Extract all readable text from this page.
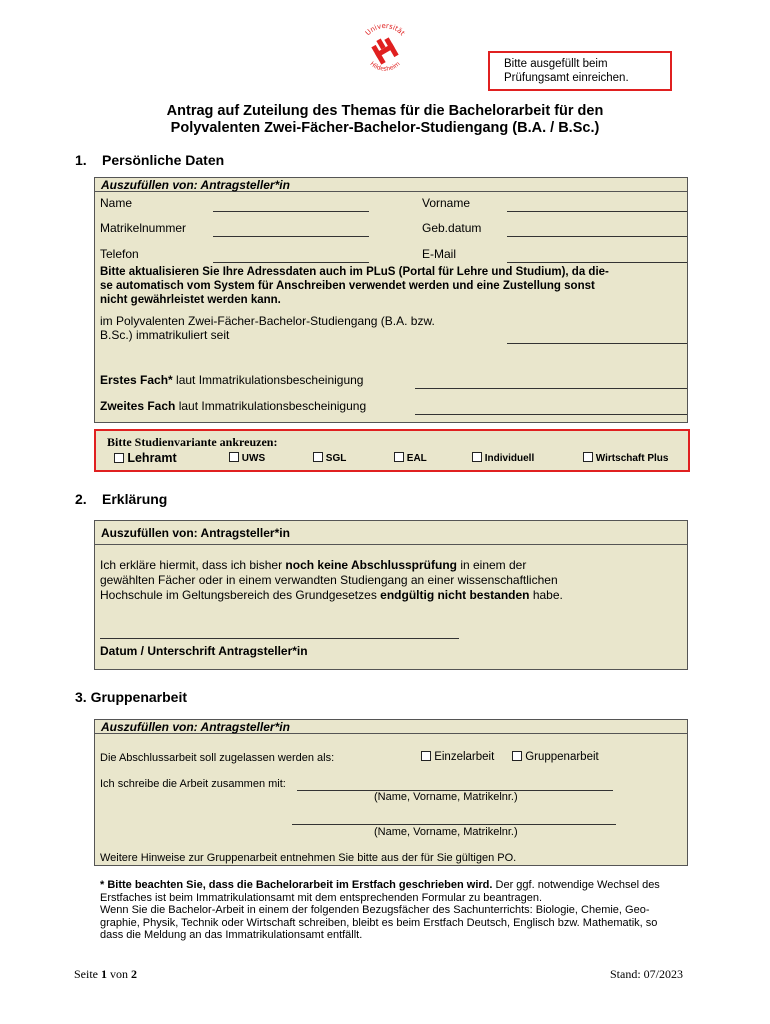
Universität
Hildesheim	Bitte ausgefüllt beim
Prüfungsamt einreichen.
Antrag auf Zuteilung des Themas für die Bachelorarbeit für den
Polyvalenten Zwei-Fächer-Bachelor-Studiengang (B.A. / B.Sc.)
1. Persönliche Daten
Auszufüllen von: Antragsteller*in
Name	Vorname
Matrikelnummer	Geb.datum
Telefon	E-Mail
Bitte aktualisieren Sie Ihre Adressdaten auch im PLuS (Portal für Lehre und Studium), da die-
se automatisch vom System für Anschreiben verwendet werden und eine Zustellung sonst
nicht gewährleistet werden kann.
im Polyvalenten Zwei-Fächer-Bachelor-Studiengang (B.A. bzw.
B.Sc.) immatrikuliert seit
Erstes Fach* laut Immatrikulationsbescheinigung
Zweites Fach laut Immatrikulationsbescheinigung
Bitte Studienvariante ankreuzen:
Lehramt	UWS	SGL	EAL	Individuell	Wirtschaft Plus
2. Erklärung
Auszufüllen von: Antragsteller*in
Ich erkläre hiermit, dass ich bisher noch keine Abschlussprüfung in einem der
gewählten Fächer oder in einem verwandten Studiengang an einer wissenschaftlichen
Hochschule im Geltungsbereich des Grundgesetzes endgültig nicht bestanden habe.
Datum / Unterschrift Antragsteller*in
3. Gruppenarbeit
Auszufüllen von: Antragsteller*in
Die Abschlussarbeit soll zugelassen werden als:	Einzelarbeit	Gruppenarbeit
Ich schreibe die Arbeit zusammen mit:
(Name, Vorname, Matrikelnr.)
(Name, Vorname, Matrikelnr.)
Weitere Hinweise zur Gruppenarbeit entnehmen Sie bitte aus der für Sie gültigen PO.
* Bitte beachten Sie, dass die Bachelorarbeit im Erstfach geschrieben wird. Der ggf. notwendige Wechsel des
Erstfaches ist beim Immatrikulationsamt mit dem entsprechenden Formular zu beantragen.
Wenn Sie die Bachelor-Arbeit in einem der folgenden Bezugsfächer des Sachunterrichts: Biologie, Chemie, Geo-
graphie, Physik, Technik oder Wirtschaft schreiben, bleibt es beim Erstfach Deutsch, Englisch bzw. Mathematik, so
dass die Meldung an das Immatrikulationsamt entfällt.
Seite 1 von 2	Stand: 07/2023
